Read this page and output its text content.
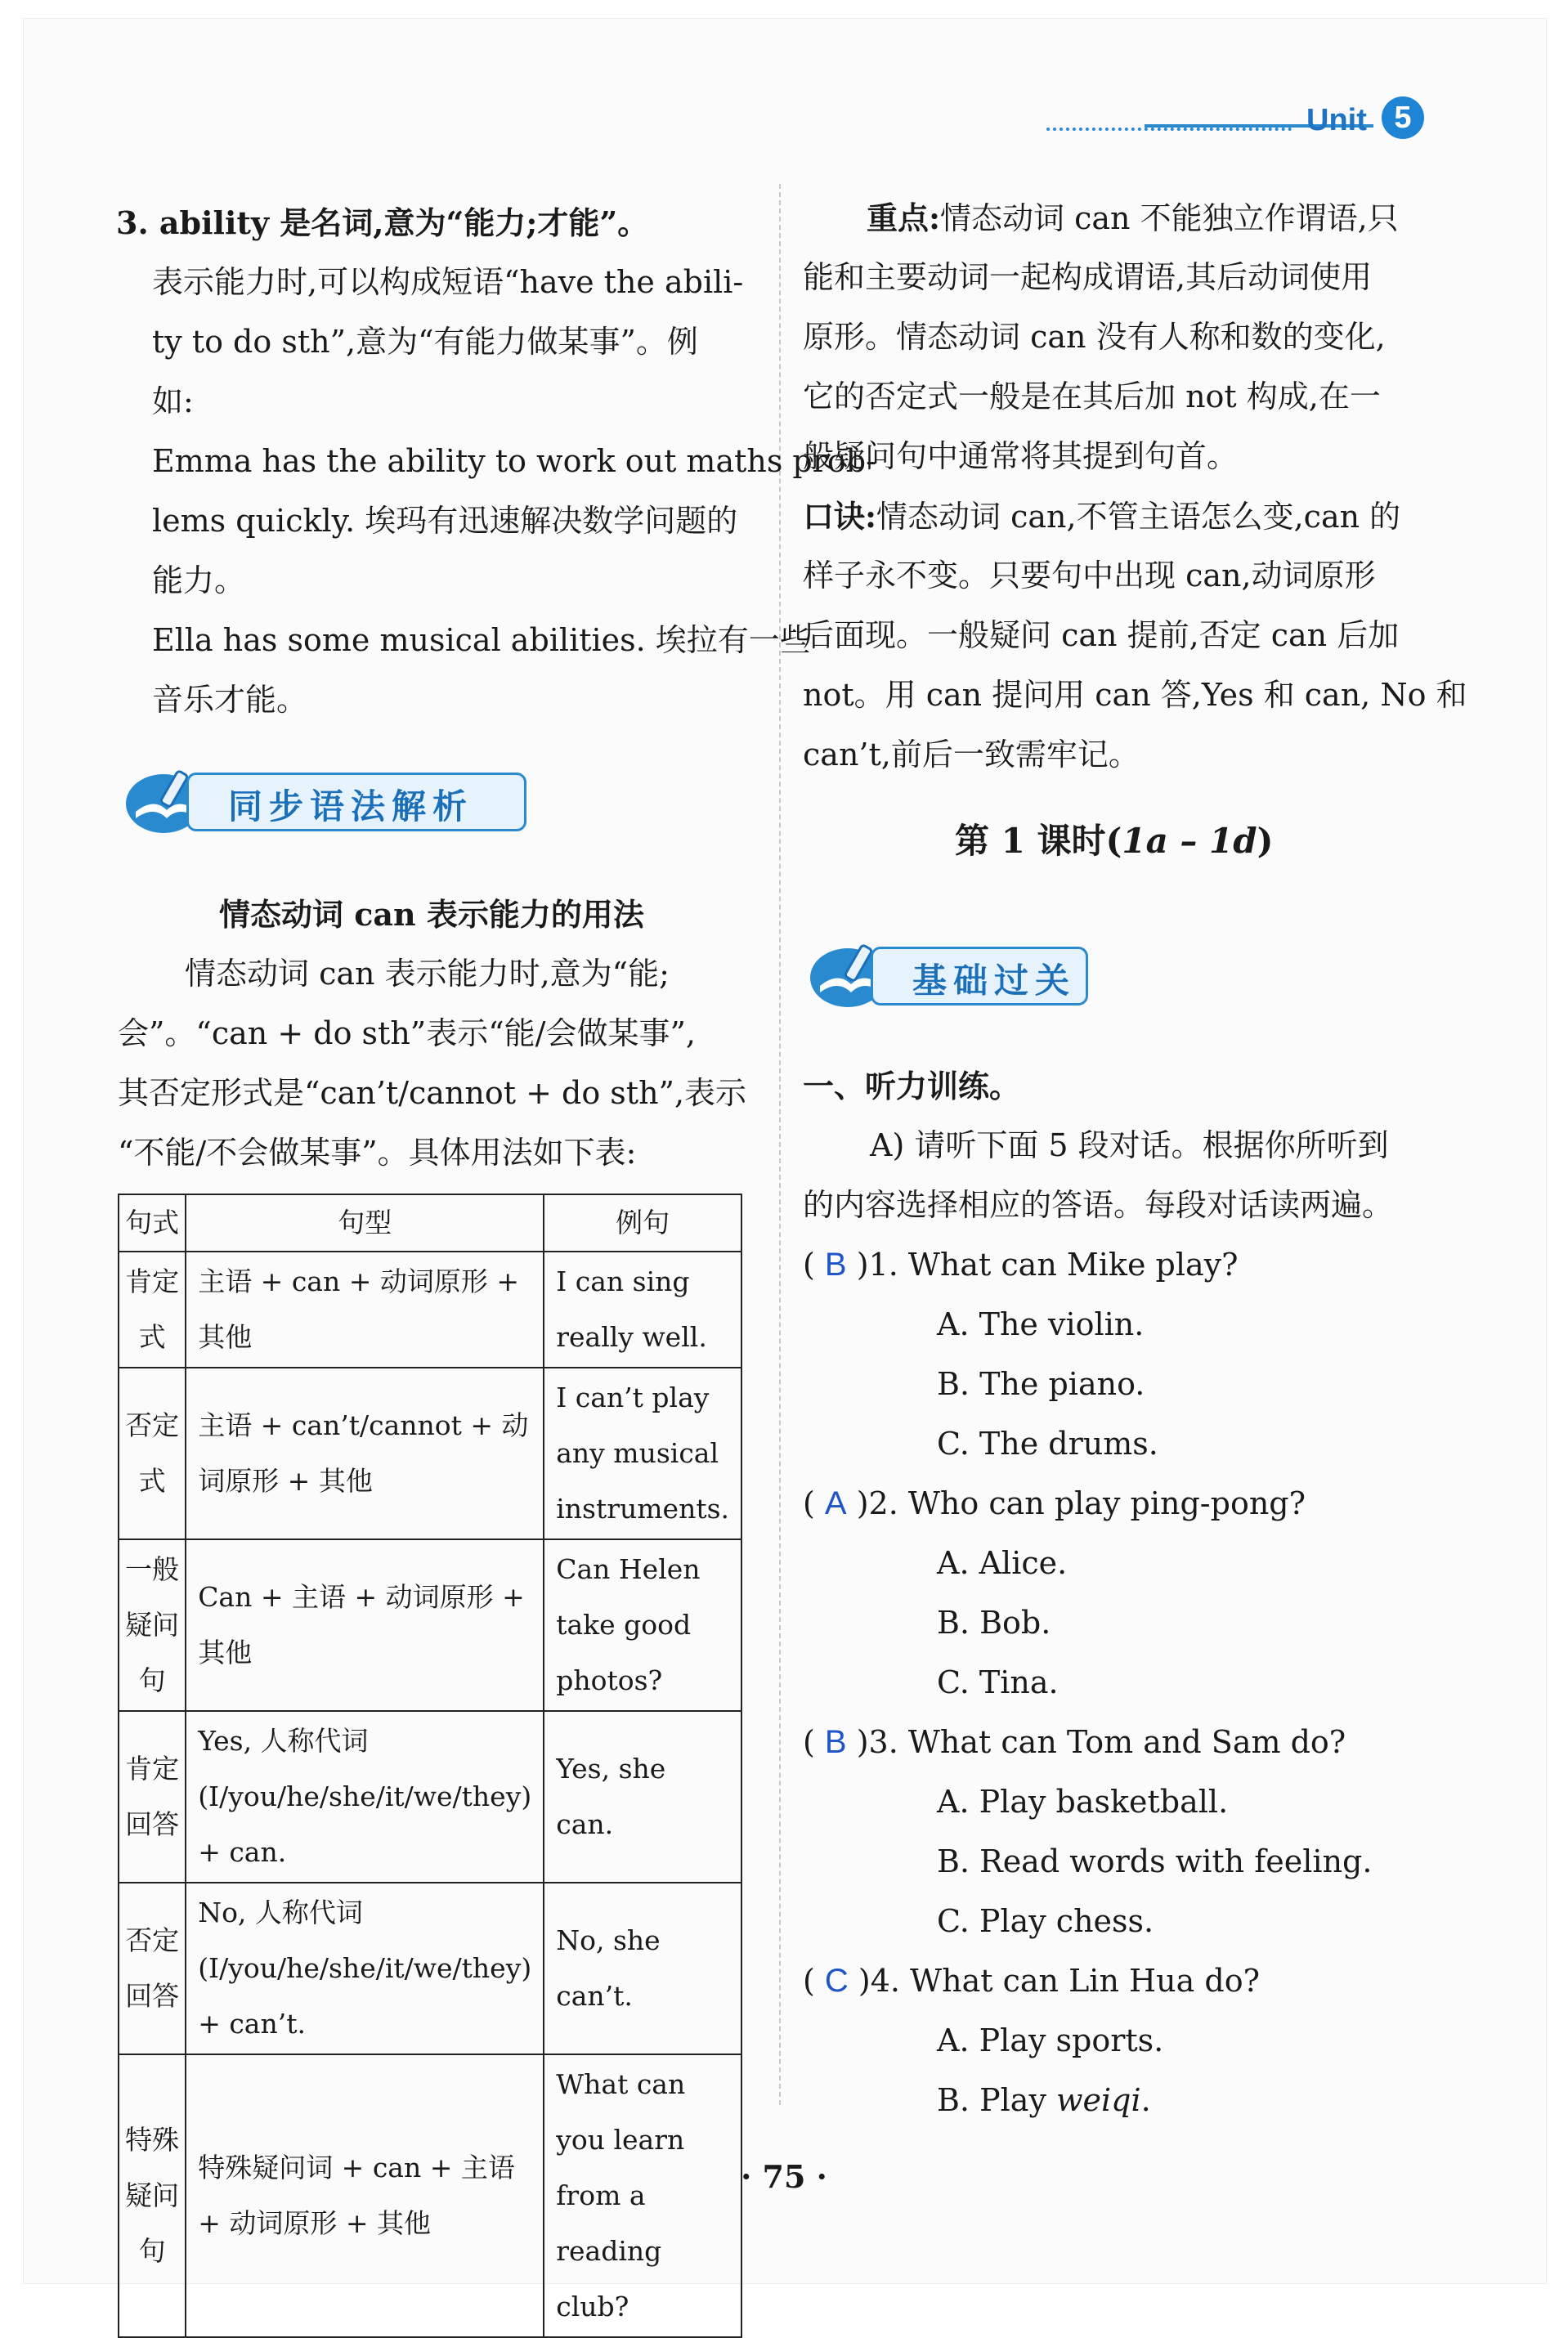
Unit 5
3. ability 是名词,意为“能力;才能”。
表示能力时,可以构成短语“have the abili-
ty to do sth”,意为“有能力做某事”。例
如:
Emma has the ability to work out maths prob-
lems quickly. 埃玛有迅速解决数学问题的
能力。
Ella has some musical abilities. 埃拉有一些
音乐才能。
同步语法解析
情态动词 can 表示能力的用法
情态动词 can 表示能力时,意为“能;
会”。“can + do sth”表示“能/会做某事”,
其否定形式是“can’t/cannot + do sth”,表示
“不能/不会做某事”。具体用法如下表:
句式	句型	例句
肯定式	主语 + can + 动词原形 + 其他	I can sing really well.
否定式	主语 + can’t/cannot + 动词原形 + 其他	I can’t play any musical instruments.
一般疑问句	Can + 主语 + 动词原形 + 其他	Can Helen take good photos?
肯定回答	Yes, 人称代词(I/you/he/she/it/we/they) + can.	Yes, she can.
否定回答	No, 人称代词(I/you/he/she/it/we/they) + can’t.	No, she can’t.
特殊疑问句	特殊疑问词 + can + 主语 + 动词原形 + 其他	What can you learn from a reading club?
重点:情态动词 can 不能独立作谓语,只
能和主要动词一起构成谓语,其后动词使用
原形。情态动词 can 没有人称和数的变化,
它的否定式一般是在其后加 not 构成,在一
般疑问句中通常将其提到句首。
口诀:情态动词 can,不管主语怎么变,can 的
样子永不变。只要句中出现 can,动词原形
后面现。一般疑问 can 提前,否定 can 后加
not。用 can 提问用 can 答,Yes 和 can, No 和
can’t,前后一致需牢记。
第 1 课时(1a – 1d)
基础过关
一、听力训练。
A) 请听下面 5 段对话。根据你所听到
的内容选择相应的答语。每段对话读两遍。
( B )1. What can Mike play?
A. The violin.
B. The piano.
C. The drums.
( A )2. Who can play ping-pong?
A. Alice.
B. Bob.
C. Tina.
( B )3. What can Tom and Sam do?
A. Play basketball.
B. Read words with feeling.
C. Play chess.
( C )4. What can Lin Hua do?
A. Play sports.
B. Play weiqi.
· 75 ·
